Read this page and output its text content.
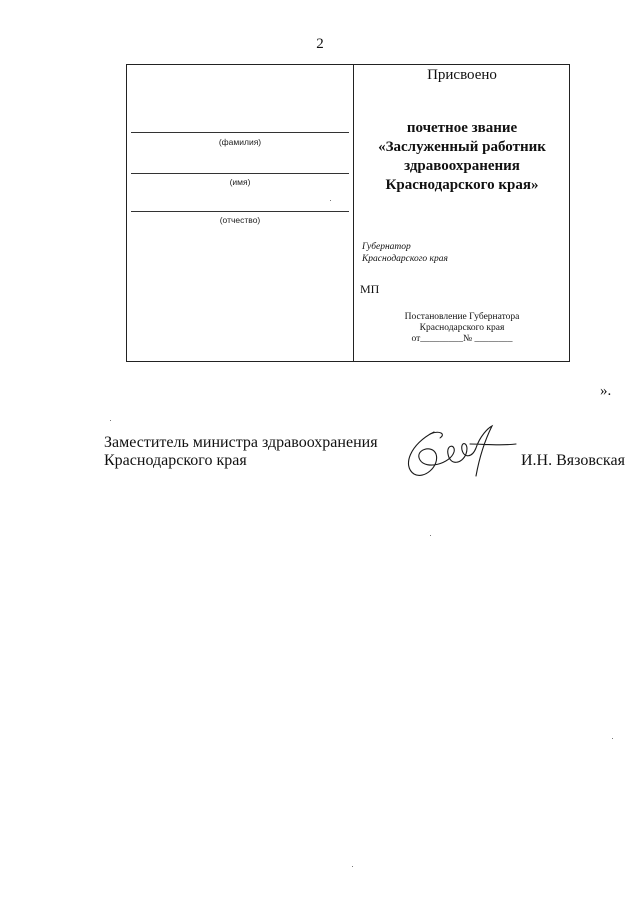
2
(фамилия)
(имя)
(отчество)
Присвоено
почетное звание
«Заслуженный работник
здравоохранения
Краснодарского края»
Губернатор
Краснодарского края
МП
Постановление Губернатора
Краснодарского края
от_________№ ________
».
Заместитель министра здравоохранения
Краснодарского края	И.Н. Вязовская
